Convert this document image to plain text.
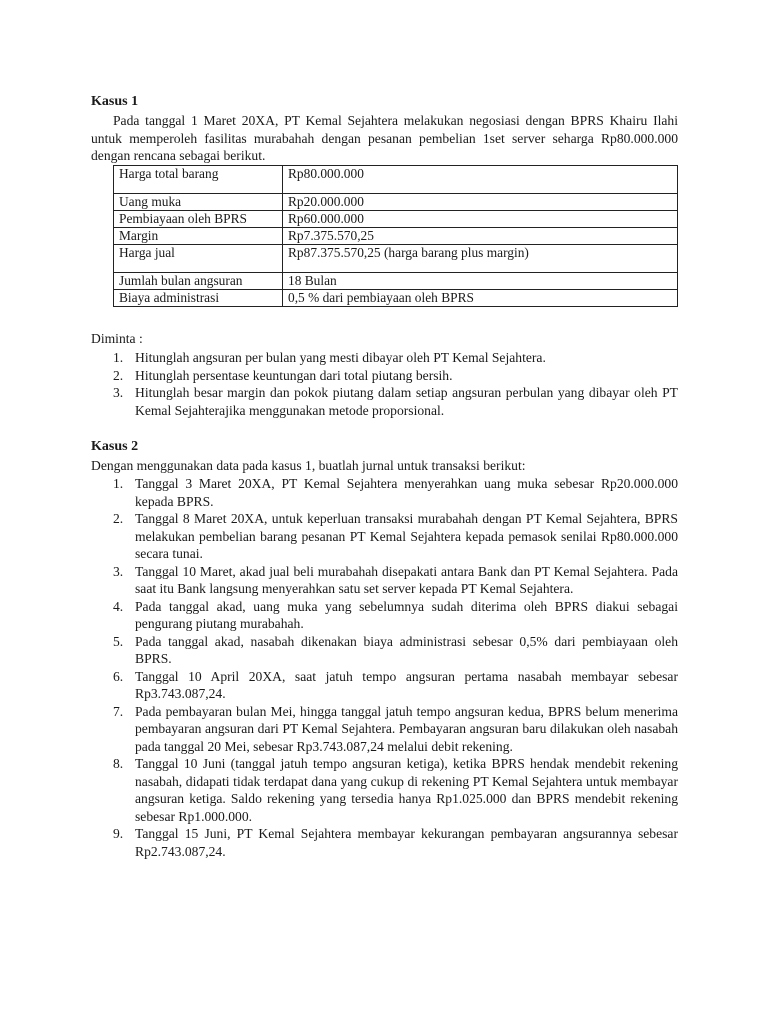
Kasus 1
Pada tanggal 1 Maret 20XA, PT Kemal Sejahtera melakukan negosiasi dengan BPRS Khairu Ilahi untuk memperoleh fasilitas murabahah dengan pesanan pembelian 1set server seharga Rp80.000.000 dengan rencana sebagai berikut.
Harga total barang	Rp80.000.000
Uang muka	Rp20.000.000
Pembiayaan oleh BPRS	Rp60.000.000
Margin	Rp7.375.570,25
Harga jual	Rp87.375.570,25 (harga barang plus margin)
Jumlah bulan angsuran	18 Bulan
Biaya administrasi	0,5 % dari pembiayaan oleh BPRS
Diminta :
1. Hitunglah angsuran per bulan yang mesti dibayar oleh PT Kemal Sejahtera.
2. Hitunglah persentase keuntungan dari total piutang bersih.
3. Hitunglah besar margin dan pokok piutang dalam setiap angsuran perbulan yang dibayar oleh PT Kemal Sejahterajika menggunakan metode proporsional.
Kasus 2
Dengan menggunakan data pada kasus 1, buatlah jurnal untuk transaksi berikut:
1. Tanggal 3 Maret 20XA, PT Kemal Sejahtera menyerahkan uang muka sebesar Rp20.000.000 kepada BPRS.
2. Tanggal 8 Maret 20XA, untuk keperluan transaksi murabahah dengan PT Kemal Sejahtera, BPRS melakukan pembelian barang pesanan PT Kemal Sejahtera kepada pemasok senilai Rp80.000.000 secara tunai.
3. Tanggal 10 Maret, akad jual beli murabahah disepakati antara Bank dan PT Kemal Sejahtera. Pada saat itu Bank langsung menyerahkan satu set server kepada PT Kemal Sejahtera.
4. Pada tanggal akad, uang muka yang sebelumnya sudah diterima oleh BPRS diakui sebagai pengurang piutang murabahah.
5. Pada tanggal akad, nasabah dikenakan biaya administrasi sebesar 0,5% dari pembiayaan oleh BPRS.
6. Tanggal 10 April 20XA, saat jatuh tempo angsuran pertama nasabah membayar sebesar Rp3.743.087,24.
7. Pada pembayaran bulan Mei, hingga tanggal jatuh tempo angsuran kedua, BPRS belum menerima pembayaran angsuran dari PT Kemal Sejahtera. Pembayaran angsuran baru dilakukan oleh nasabah pada tanggal 20 Mei, sebesar Rp3.743.087,24 melalui debit rekening.
8. Tanggal 10 Juni (tanggal jatuh tempo angsuran ketiga), ketika BPRS hendak mendebit rekening nasabah, didapati tidak terdapat dana yang cukup di rekening PT Kemal Sejahtera untuk membayar angsuran ketiga. Saldo rekening yang tersedia hanya Rp1.025.000 dan BPRS mendebit rekening sebesar Rp1.000.000.
9. Tanggal 15 Juni, PT Kemal Sejahtera membayar kekurangan pembayaran angsurannya sebesar Rp2.743.087,24.
